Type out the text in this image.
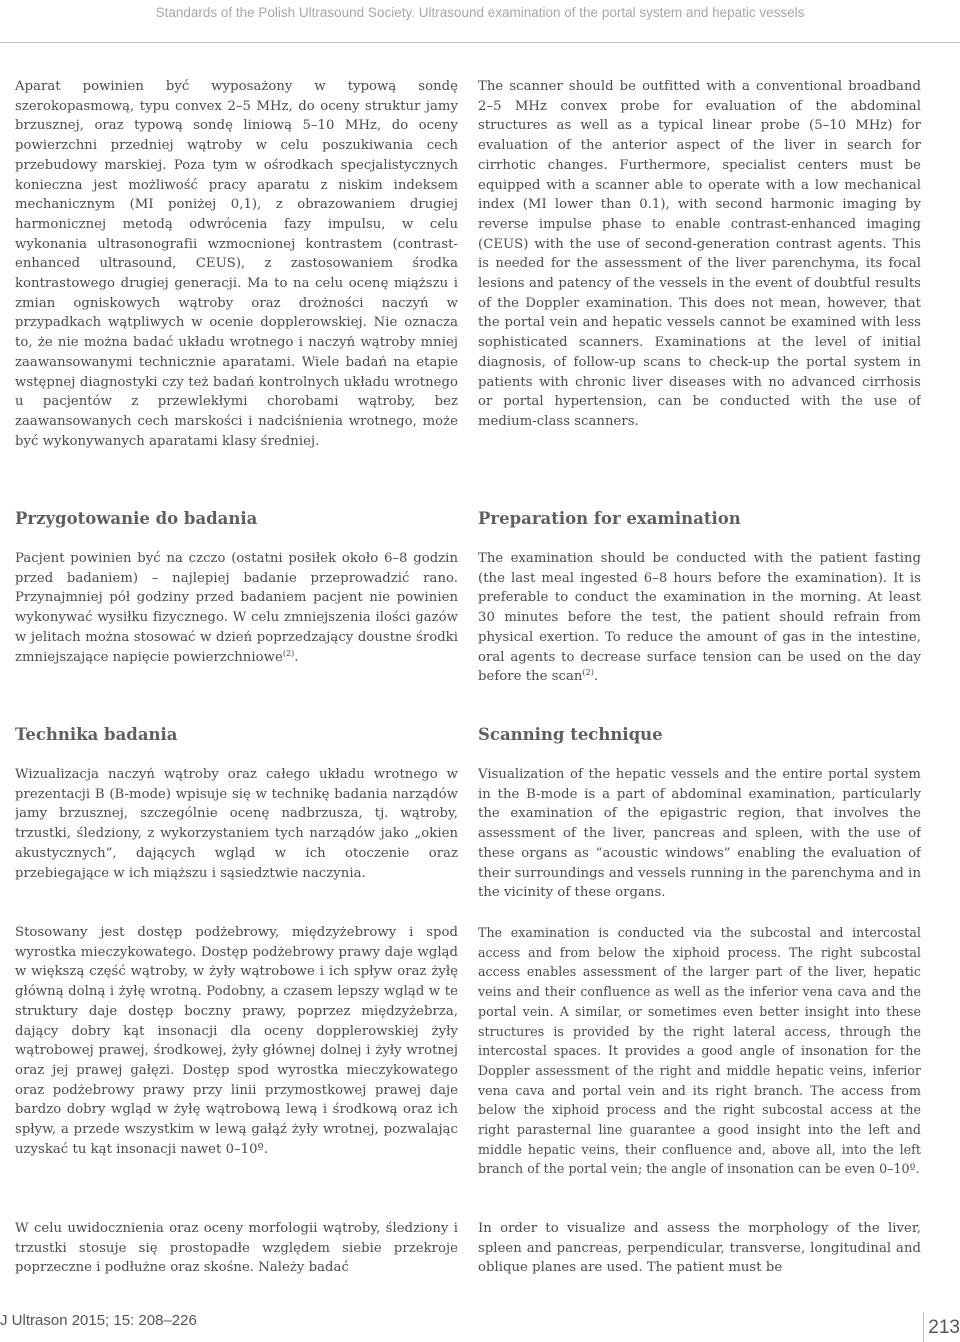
Standards of the Polish Ultrasound Society. Ultrasound examination of the portal system and hepatic vessels
Aparat powinien być wyposażony w typową sondę szerokopasmową, typu convex 2–5 MHz, do oceny struktur jamy brzusznej, oraz typową sondę liniową 5–10 MHz, do oceny powierzchni przedniej wątroby w celu poszukiwania cech przebudowy marskiej. Poza tym w ośrodkach specjalistycznych konieczna jest możliwość pracy aparatu z niskim indeksem mechanicznym (MI poniżej 0,1), z obrazowaniem drugiej harmonicznej metodą odwrócenia fazy impulsu, w celu wykonania ultrasonografii wzmocnionej kontrastem (contrast-enhanced ultrasound, CEUS), z zastosowaniem środka kontrastowego drugiej generacji. Ma to na celu ocenę miąższu i zmian ogniskowych wątroby oraz drożności naczyń w przypadkach wątpliwych w ocenie dopplerowskiej. Nie oznacza to, że nie można badać układu wrotnego i naczyń wątroby mniej zaawansowanymi technicznie aparatami. Wiele badań na etapie wstępnej diagnostyki czy też badań kontrolnych układu wrotnego u pacjentów z przewlekłymi chorobami wątroby, bez zaawansowanych cech marskości i nadciśnienia wrotnego, może być wykonywanych aparatami klasy średniej.
Przygotowanie do badania
Pacjent powinien być na czczo (ostatni posiłek około 6–8 godzin przed badaniem) – najlepiej badanie przeprowadzić rano. Przynajmniej pół godziny przed badaniem pacjent nie powinien wykonywać wysiłku fizycznego. W celu zmniejszenia ilości gazów w jelitach można stosować w dzień poprzedzający doustne środki zmniejszające napięcie powierzchniowe$^{(2)}$.
Technika badania
Wizualizacja naczyń wątroby oraz całego układu wrotnego w prezentacji B (B-mode) wpisuje się w technikę badania narządów jamy brzusznej, szczególnie ocenę nadbrzusza, tj. wątroby, trzustki, śledziony, z wykorzystaniem tych narządów jako „okien akustycznych”, dających wgląd w ich otoczenie oraz przebiegające w ich miąższu i sąsiedztwie naczynia.
Stosowany jest dostęp podżebrowy, międzyżebrowy i spod wyrostka mieczykowatego. Dostęp podżebrowy prawy daje wgląd w większą część wątroby, w żyły wątrobowe i ich spływ oraz żyłę główną dolną i żyłę wrotną. Podobny, a czasem lepszy wgląd w te struktury daje dostęp boczny prawy, poprzez międzyżebrza, dający dobry kąt insonacji dla oceny dopplerowskiej żyły wątrobowej prawej, środkowej, żyły głównej dolnej i żyły wrotnej oraz jej prawej gałęzi. Dostęp spod wyrostka mieczykowatego oraz podżebrowy prawy przy linii przymostkowej prawej daje bardzo dobry wgląd w żyłę wątrobową lewą i środkową oraz ich spływ, a przede wszystkim w lewą gałąź żyły wrotnej, pozwalając uzyskać tu kąt insonacji nawet 0–10º.
W celu uwidocznienia oraz oceny morfologii wątroby, śledziony i trzustki stosuje się prostopadłe względem siebie przekroje poprzeczne i podłużne oraz skośne. Należy badać
The scanner should be outfitted with a conventional broadband 2–5 MHz convex probe for evaluation of the abdominal structures as well as a typical linear probe (5–10 MHz) for evaluation of the anterior aspect of the liver in search for cirrhotic changes. Furthermore, specialist centers must be equipped with a scanner able to operate with a low mechanical index (MI lower than 0.1), with second harmonic imaging by reverse impulse phase to enable contrast-enhanced imaging (CEUS) with the use of second-generation contrast agents. This is needed for the assessment of the liver parenchyma, its focal lesions and patency of the vessels in the event of doubtful results of the Doppler examination. This does not mean, however, that the portal vein and hepatic vessels cannot be examined with less sophisticated scanners. Examinations at the level of initial diagnosis, of follow-up scans to check-up the portal system in patients with chronic liver diseases with no advanced cirrhosis or portal hypertension, can be conducted with the use of medium-class scanners.
Preparation for examination
The examination should be conducted with the patient fasting (the last meal ingested 6–8 hours before the examination). It is preferable to conduct the examination in the morning. At least 30 minutes before the test, the patient should refrain from physical exertion. To reduce the amount of gas in the intestine, oral agents to decrease surface tension can be used on the day before the scan$^{(2)}$.
Scanning technique
Visualization of the hepatic vessels and the entire portal system in the B-mode is a part of abdominal examination, particularly the examination of the epigastric region, that involves the assessment of the liver, pancreas and spleen, with the use of these organs as “acoustic windows” enabling the evaluation of their surroundings and vessels running in the parenchyma and in the vicinity of these organs.
The examination is conducted via the subcostal and intercostal access and from below the xiphoid process. The right subcostal access enables assessment of the larger part of the liver, hepatic veins and their confluence as well as the inferior vena cava and the portal vein. A similar, or sometimes even better insight into these structures is provided by the right lateral access, through the intercostal spaces. It provides a good angle of insonation for the Doppler assessment of the right and middle hepatic veins, inferior vena cava and portal vein and its right branch. The access from below the xiphoid process and the right subcostal access at the right parasternal line guarantee a good insight into the left and middle hepatic veins, their confluence and, above all, into the left branch of the portal vein; the angle of insonation can be even 0–10º.
In order to visualize and assess the morphology of the liver, spleen and pancreas, perpendicular, transverse, longitudinal and oblique planes are used. The patient must be
J Ultrason 2015; 15: 208–226	213
